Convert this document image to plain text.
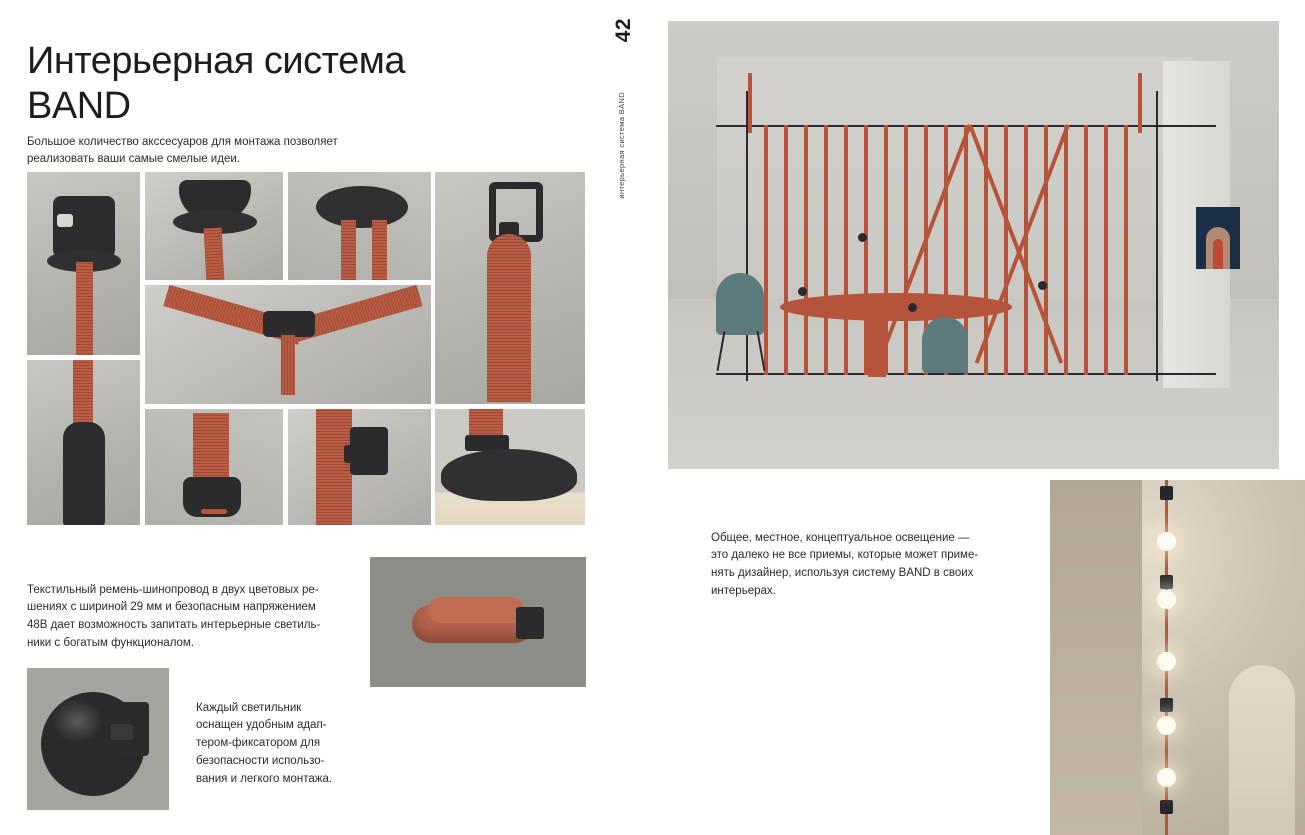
Интерьерная система
BAND

Большое количество акссесуаров для монтажа позволяет
реализовать ваши самые смелые идеи.

Текстильный ремень-шинопровод в двух цветовых ре-
шениях с шириной 29 мм и безопасным напряжением
48В дает возможность запитать интерьерные светиль-
ники с богатым функционалом.

Каждый светильник
оснащен удобным адап-
тером-фиксатором для
безопасности использо-
вания и легкого монтажа.

42
интерьерная система BAND

Общее, местное, концептуальное освещение —
это далеко не все приемы, которые может приме-
нять дизайнер, используя систему BAND в своих
интерьерах.
